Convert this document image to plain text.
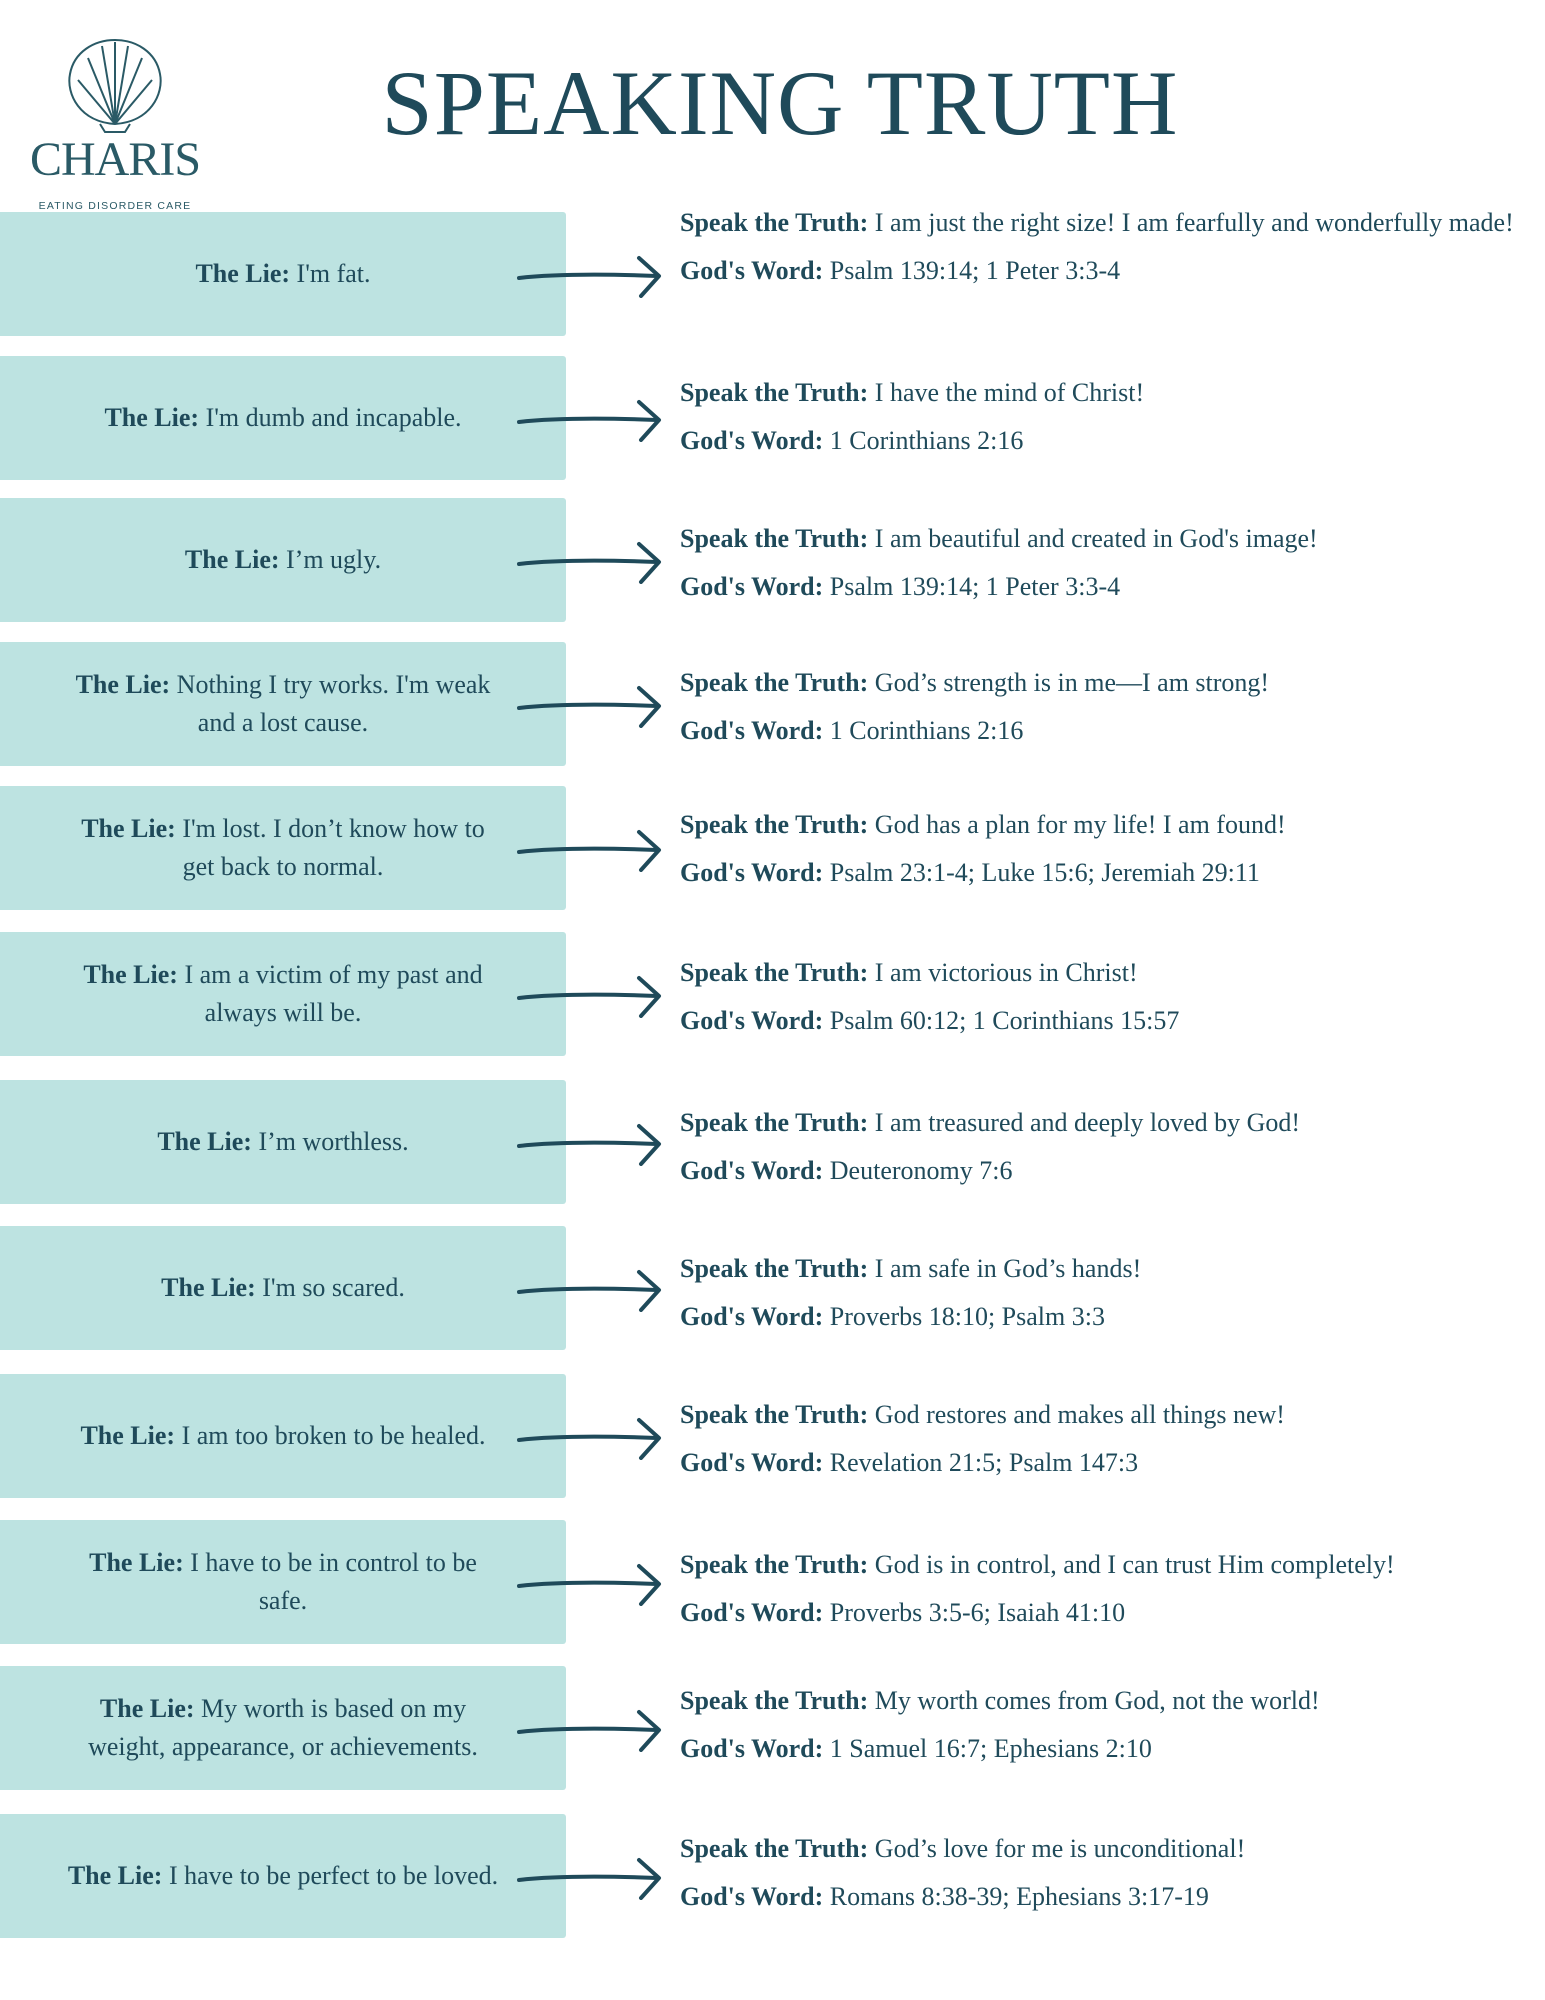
CHARIS
EATING DISORDER CARE
SPEAKING TRUTH
The Lie: I'm fat.
The Lie: I'm dumb and incapable.
The Lie: I’m ugly.
The Lie: Nothing I try works. I'm weak and a lost cause.
The Lie: I'm lost. I don’t know how to get back to normal.
The Lie: I am a victim of my past and always will be.
The Lie: I’m worthless.
The Lie: I'm so scared.
The Lie: I am too broken to be healed.
The Lie: I have to be in control to be safe.
The Lie: My worth is based on my weight, appearance, or achievements.
The Lie: I have to be perfect to be loved.
Speak the Truth: I am just the right size! I am fearfully and wonderfully made!
God's Word: Psalm 139:14; 1 Peter 3:3-4
Speak the Truth: I have the mind of Christ!
God's Word: 1 Corinthians 2:16
Speak the Truth: I am beautiful and created in God's image!
God's Word: Psalm 139:14; 1 Peter 3:3-4
Speak the Truth: God’s strength is in me—I am strong!
God's Word: 1 Corinthians 2:16
Speak the Truth: God has a plan for my life! I am found!
God's Word: Psalm 23:1-4; Luke 15:6; Jeremiah 29:11
Speak the Truth: I am victorious in Christ!
God's Word: Psalm 60:12; 1 Corinthians 15:57
Speak the Truth: I am treasured and deeply loved by God!
God's Word: Deuteronomy 7:6
Speak the Truth: I am safe in God’s hands!
God's Word: Proverbs 18:10; Psalm 3:3
Speak the Truth: God restores and makes all things new!
God's Word: Revelation 21:5; Psalm 147:3
Speak the Truth: God is in control, and I can trust Him completely!
God's Word: Proverbs 3:5-6; Isaiah 41:10
Speak the Truth: My worth comes from God, not the world!
God's Word: 1 Samuel 16:7; Ephesians 2:10
Speak the Truth: God’s love for me is unconditional!
God's Word: Romans 8:38-39; Ephesians 3:17-19
